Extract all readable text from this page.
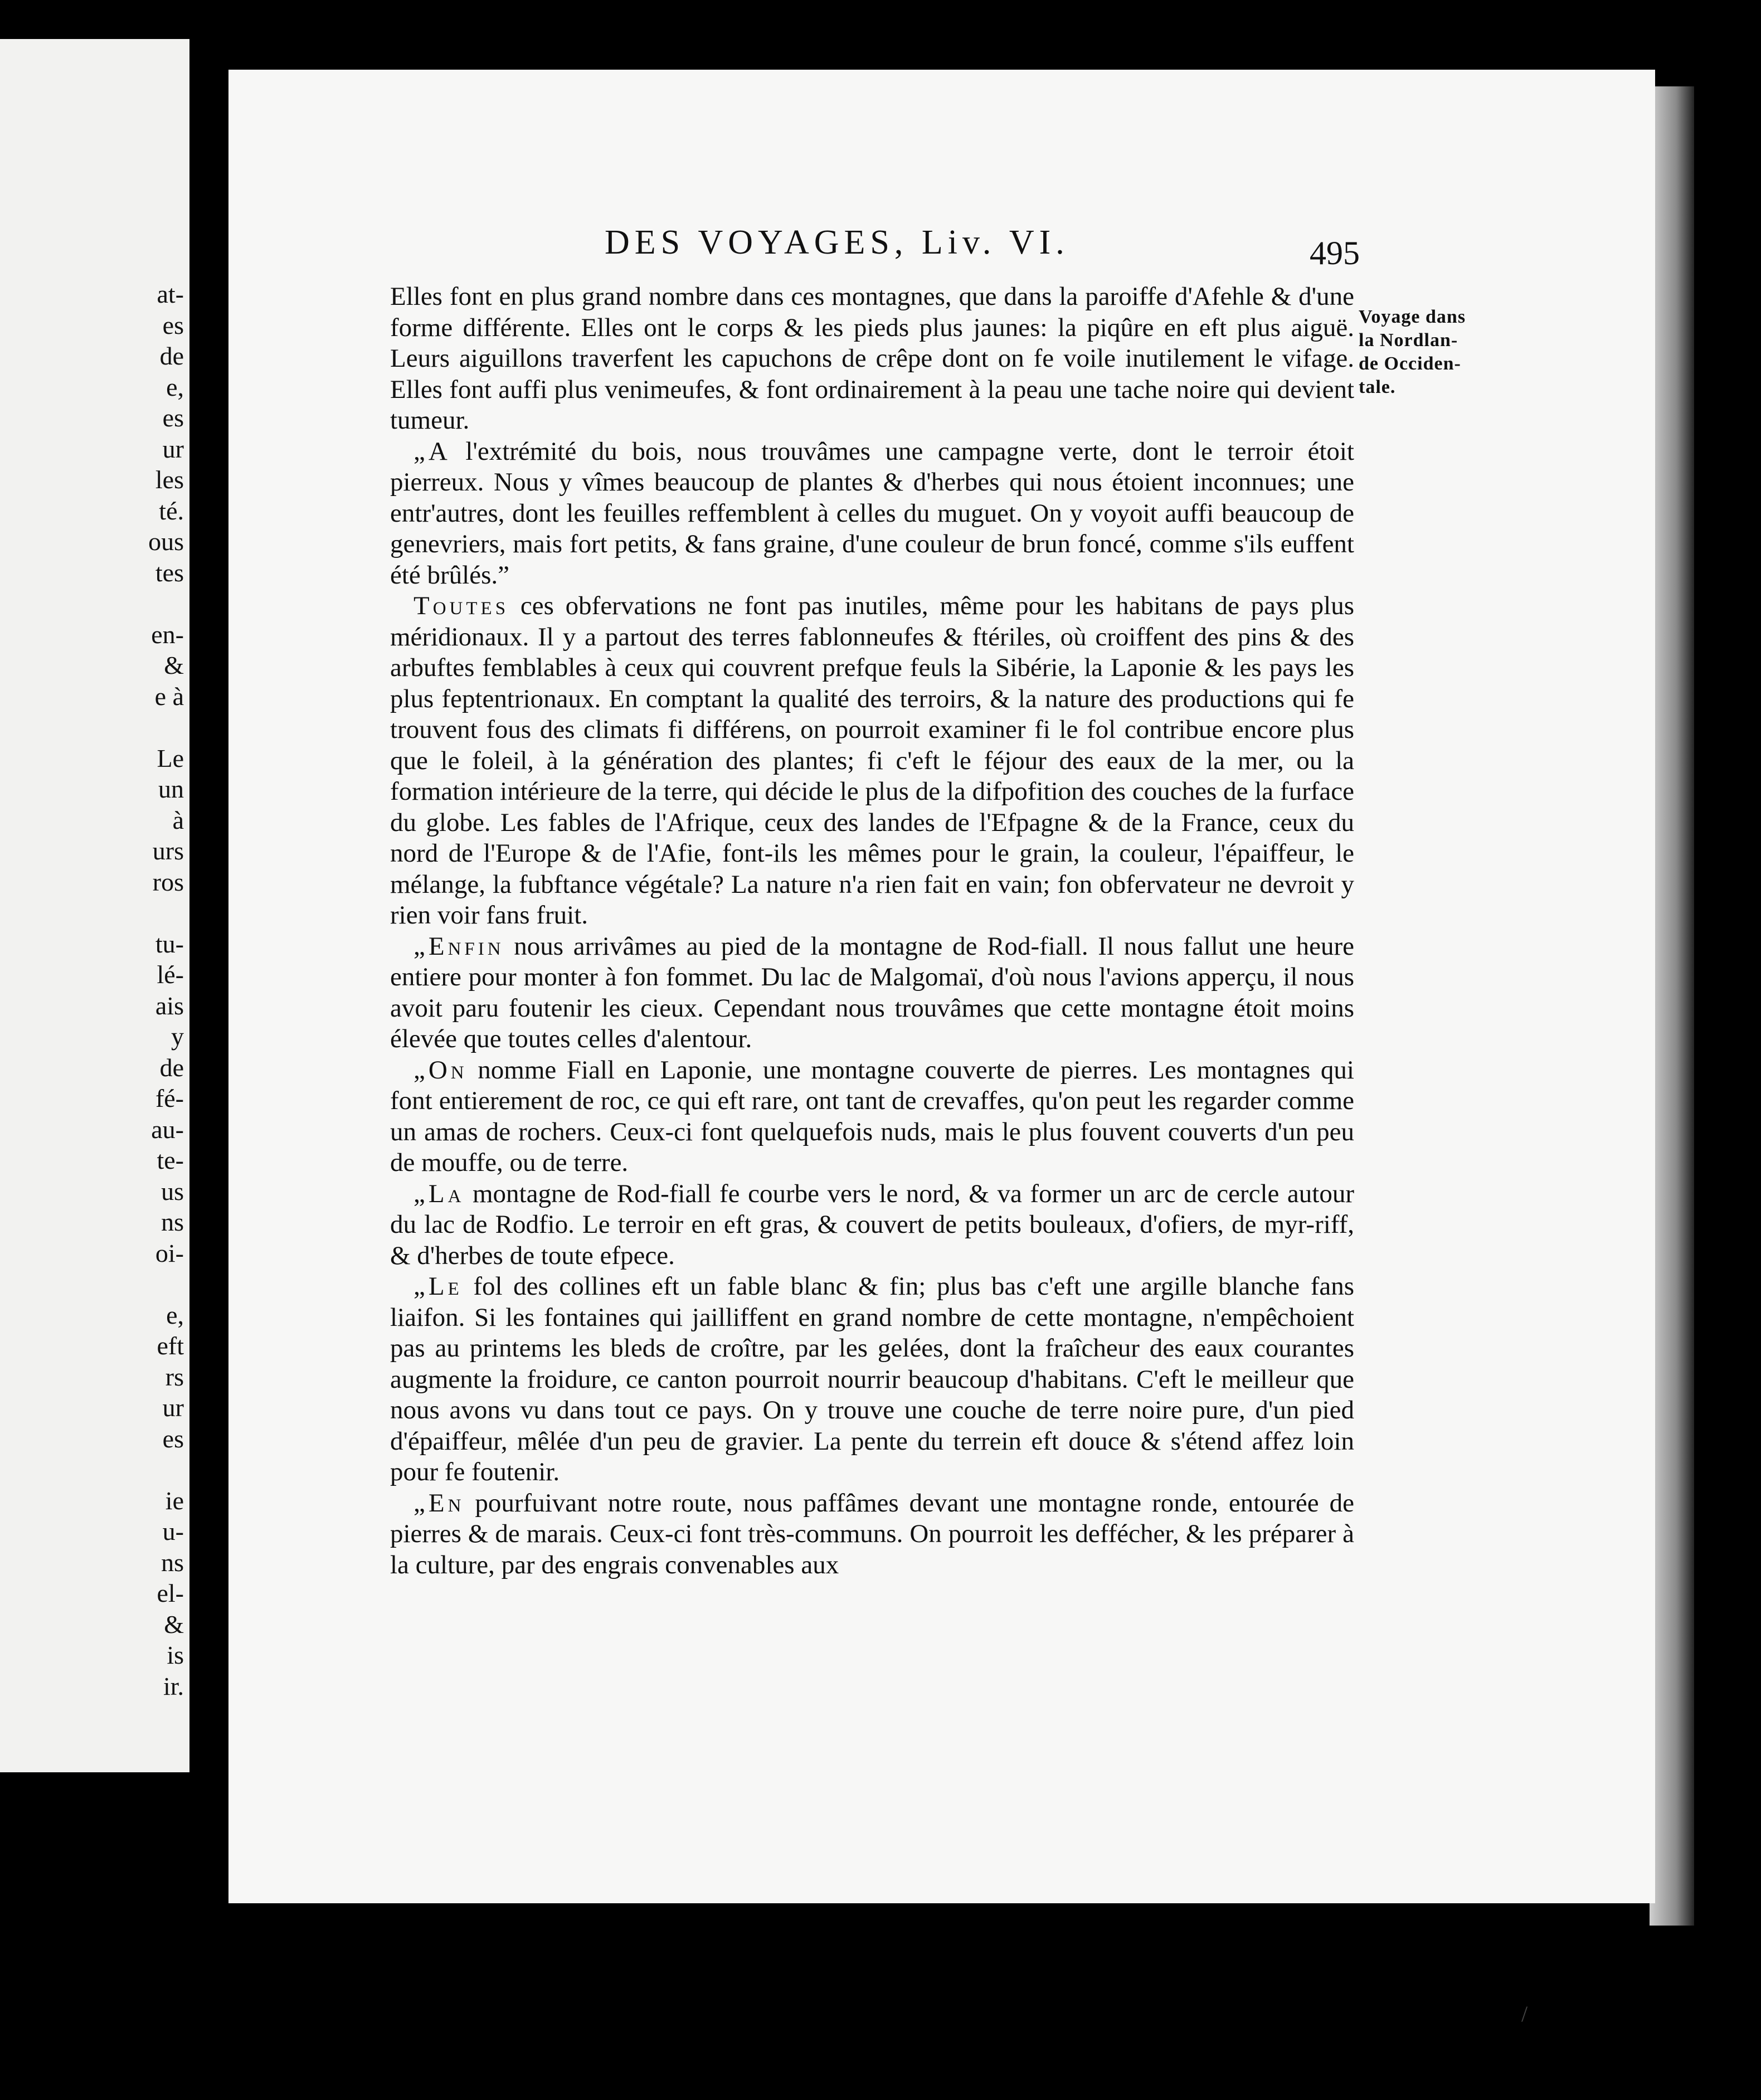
at-
es
de
e,
es
ur
les
té.
ous
tes

en-
&
e à

Le
un
à
urs
ros

tu-
lé-
ais
y
de
fé-
au-
te-
us
ns
oi-

e,
eft
rs
ur
es

ie
u-
ns
el-
&
is
ir.
DES VOYAGES, Liv. VI.	495
Voyage dans
la Nordlan-
de Occiden-
tale.

Elles font en plus grand nombre dans ces montagnes, que dans la paroiffe d'Afehle & d'une forme différente. Elles ont le corps & les pieds plus jaunes: la piqûre en eft plus aiguë. Leurs aiguillons traverfent les capuchons de crêpe dont on fe voile inutilement le vifage. Elles font auffi plus venimeufes, & font ordinairement à la peau une tache noire qui devient tumeur.

„A l'extrémité du bois, nous trouvâmes une campagne verte, dont le terroir étoit pierreux. Nous y vîmes beaucoup de plantes & d'herbes qui nous étoient inconnues; une entr'autres, dont les feuilles reffemblent à celles du muguet. On y voyoit auffi beaucoup de genevriers, mais fort petits, & fans graine, d'une couleur de brun foncé, comme s'ils euffent été brûlés.”

Toutes ces obfervations ne font pas inutiles, même pour les habitans de pays plus méridionaux. Il y a partout des terres fablonneufes & ftériles, où croiffent des pins & des arbuftes femblables à ceux qui couvrent prefque feuls la Sibérie, la Laponie & les pays les plus feptentrionaux. En comptant la qualité des terroirs, & la nature des productions qui fe trouvent fous des climats fi différens, on pourroit examiner fi le fol contribue encore plus que le foleil, à la génération des plantes; fi c'eft le féjour des eaux de la mer, ou la formation intérieure de la terre, qui décide le plus de la difpofition des couches de la furface du globe. Les fables de l'Afrique, ceux des landes de l'Efpagne & de la France, ceux du nord de l'Europe & de l'Afie, font-ils les mêmes pour le grain, la couleur, l'épaiffeur, le mélange, la fubftance végétale? La nature n'a rien fait en vain; fon obfervateur ne devroit y rien voir fans fruit.

„Enfin nous arrivâmes au pied de la montagne de Rod-fiall. Il nous fallut une heure entiere pour monter à fon fommet. Du lac de Malgomaï, d'où nous l'avions apperçu, il nous avoit paru foutenir les cieux. Cependant nous trouvâmes que cette montagne étoit moins élevée que toutes celles d'alentour.

„On nomme Fiall en Laponie, une montagne couverte de pierres. Les montagnes qui font entierement de roc, ce qui eft rare, ont tant de crevaffes, qu'on peut les regarder comme un amas de rochers. Ceux-ci font quelquefois nuds, mais le plus fouvent couverts d'un peu de mouffe, ou de terre.

„La montagne de Rod-fiall fe courbe vers le nord, & va former un arc de cercle autour du lac de Rodfio. Le terroir en eft gras, & couvert de petits bouleaux, d'ofiers, de myr-riff, & d'herbes de toute efpece.

„Le fol des collines eft un fable blanc & fin; plus bas c'eft une argille blanche fans liaifon. Si les fontaines qui jailliffent en grand nombre de cette montagne, n'empêchoient pas au printems les bleds de croître, par les gelées, dont la fraîcheur des eaux courantes augmente la froidure, ce canton pourroit nourrir beaucoup d'habitans. C'eft le meilleur que nous avons vu dans tout ce pays. On y trouve une couche de terre noire pure, d'un pied d'épaiffeur, mêlée d'un peu de gravier. La pente du terrein eft douce & s'étend affez loin pour fe foutenir.

„En pourfuivant notre route, nous paffâmes devant une montagne ronde, entourée de pierres & de marais. Ceux-ci font très-communs. On pourroit les deffécher, & les préparer à la culture, par des engrais convenables aux

/
